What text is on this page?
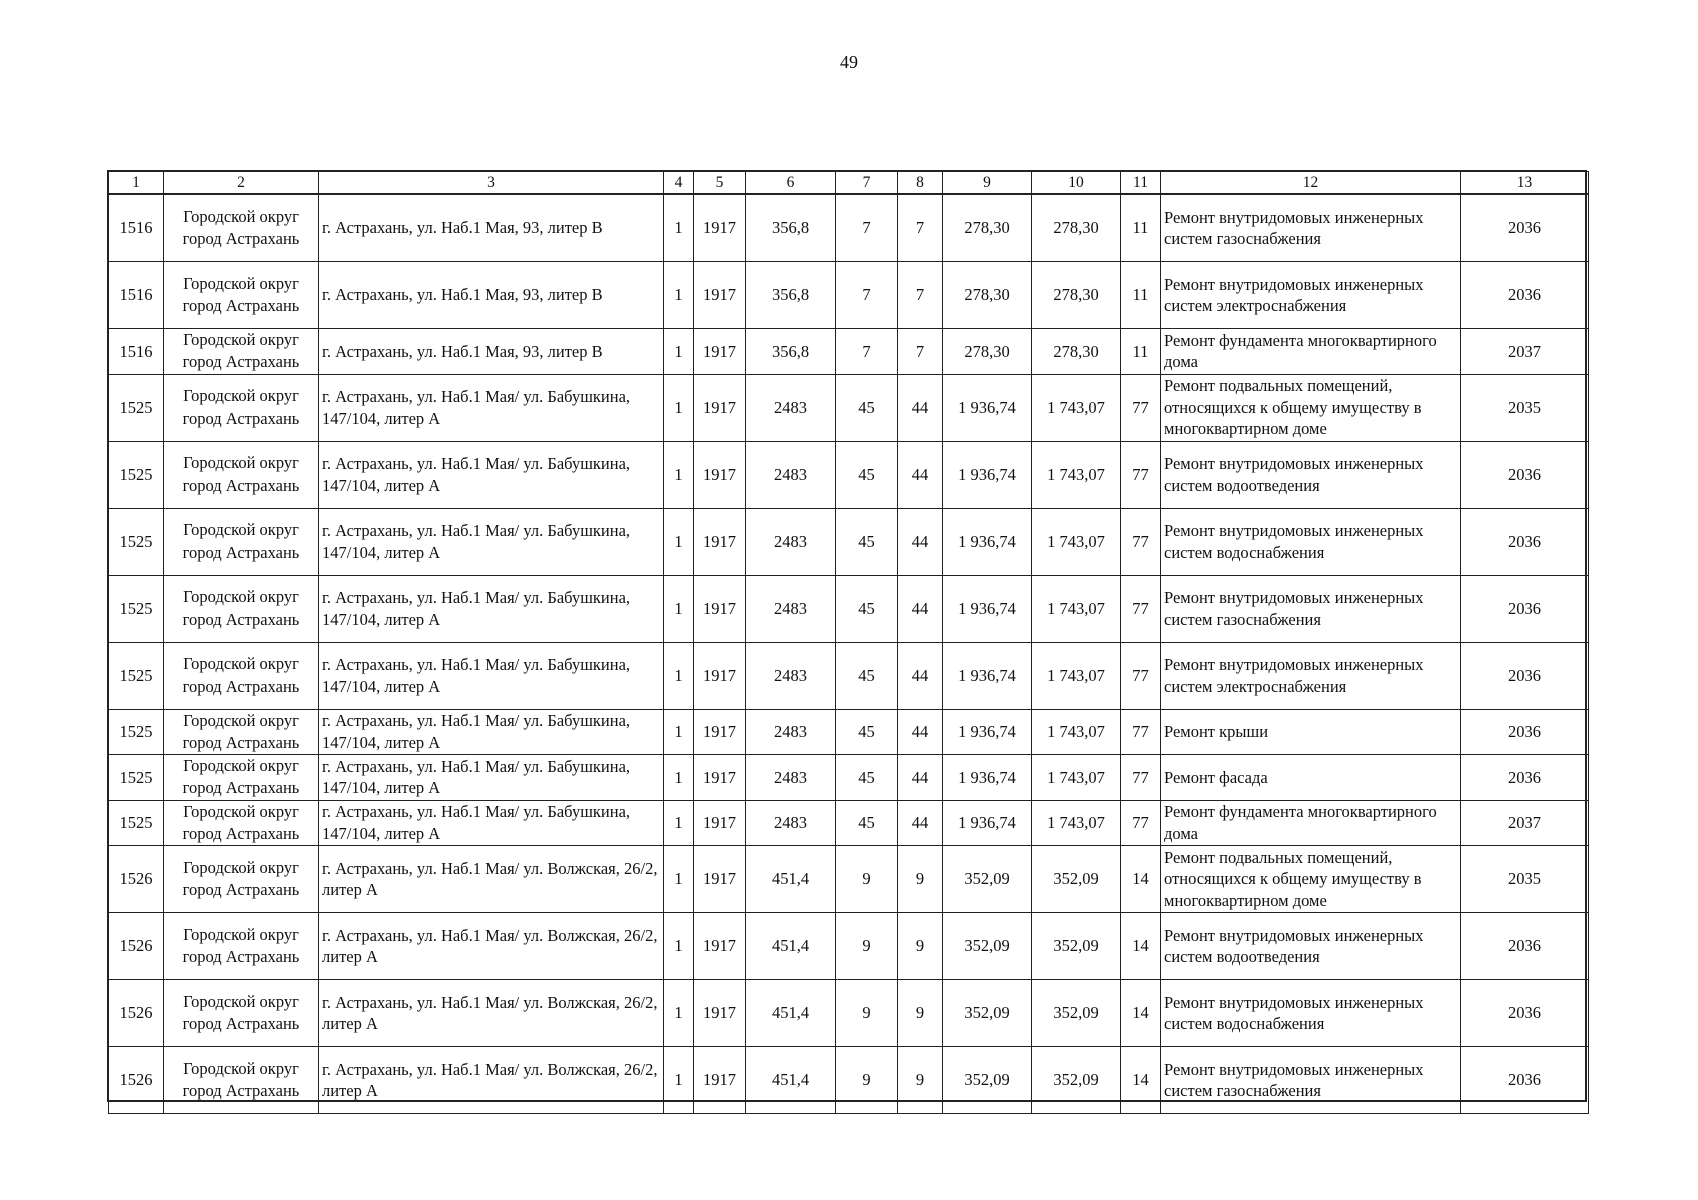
49
1	2	3	4	5	6	7	8	9	10	11	12	13
1516	Городской округ город Астрахань	г. Астрахань, ул. Наб.1 Мая, 93, литер В	1	1917	356,8	7	7	278,30	278,30	11	Ремонт внутридомовых инженерных систем газоснабжения	2036
1516	Городской округ город Астрахань	г. Астрахань, ул. Наб.1 Мая, 93, литер В	1	1917	356,8	7	7	278,30	278,30	11	Ремонт внутридомовых инженерных систем электроснабжения	2036
1516	Городской округ город Астрахань	г. Астрахань, ул. Наб.1 Мая, 93, литер В	1	1917	356,8	7	7	278,30	278,30	11	Ремонт фундамента многоквартирного дома	2037
1525	Городской округ город Астрахань	г. Астрахань, ул. Наб.1 Мая/ ул. Бабушкина, 147/104, литер А	1	1917	2483	45	44	1 936,74	1 743,07	77	Ремонт подвальных помещений, относящихся к общему имуществу в многоквартирном доме	2035
1525	Городской округ город Астрахань	г. Астрахань, ул. Наб.1 Мая/ ул. Бабушкина, 147/104, литер А	1	1917	2483	45	44	1 936,74	1 743,07	77	Ремонт внутридомовых инженерных систем водоотведения	2036
1525	Городской округ город Астрахань	г. Астрахань, ул. Наб.1 Мая/ ул. Бабушкина, 147/104, литер А	1	1917	2483	45	44	1 936,74	1 743,07	77	Ремонт внутридомовых инженерных систем водоснабжения	2036
1525	Городской округ город Астрахань	г. Астрахань, ул. Наб.1 Мая/ ул. Бабушкина, 147/104, литер А	1	1917	2483	45	44	1 936,74	1 743,07	77	Ремонт внутридомовых инженерных систем газоснабжения	2036
1525	Городской округ город Астрахань	г. Астрахань, ул. Наб.1 Мая/ ул. Бабушкина, 147/104, литер А	1	1917	2483	45	44	1 936,74	1 743,07	77	Ремонт внутридомовых инженерных систем электроснабжения	2036
1525	Городской округ город Астрахань	г. Астрахань, ул. Наб.1 Мая/ ул. Бабушкина, 147/104, литер А	1	1917	2483	45	44	1 936,74	1 743,07	77	Ремонт крыши	2036
1525	Городской округ город Астрахань	г. Астрахань, ул. Наб.1 Мая/ ул. Бабушкина, 147/104, литер А	1	1917	2483	45	44	1 936,74	1 743,07	77	Ремонт фасада	2036
1525	Городской округ город Астрахань	г. Астрахань, ул. Наб.1 Мая/ ул. Бабушкина, 147/104, литер А	1	1917	2483	45	44	1 936,74	1 743,07	77	Ремонт фундамента многоквартирного дома	2037
1526	Городской округ город Астрахань	г. Астрахань, ул. Наб.1 Мая/ ул. Волжская, 26/2, литер А	1	1917	451,4	9	9	352,09	352,09	14	Ремонт подвальных помещений, относящихся к общему имуществу в многоквартирном доме	2035
1526	Городской округ город Астрахань	г. Астрахань, ул. Наб.1 Мая/ ул. Волжская, 26/2, литер А	1	1917	451,4	9	9	352,09	352,09	14	Ремонт внутридомовых инженерных систем водоотведения	2036
1526	Городской округ город Астрахань	г. Астрахань, ул. Наб.1 Мая/ ул. Волжская, 26/2, литер А	1	1917	451,4	9	9	352,09	352,09	14	Ремонт внутридомовых инженерных систем водоснабжения	2036
1526	Городской округ город Астрахань	г. Астрахань, ул. Наб.1 Мая/ ул. Волжская, 26/2, литер А	1	1917	451,4	9	9	352,09	352,09	14	Ремонт внутридомовых инженерных систем газоснабжения	2036
